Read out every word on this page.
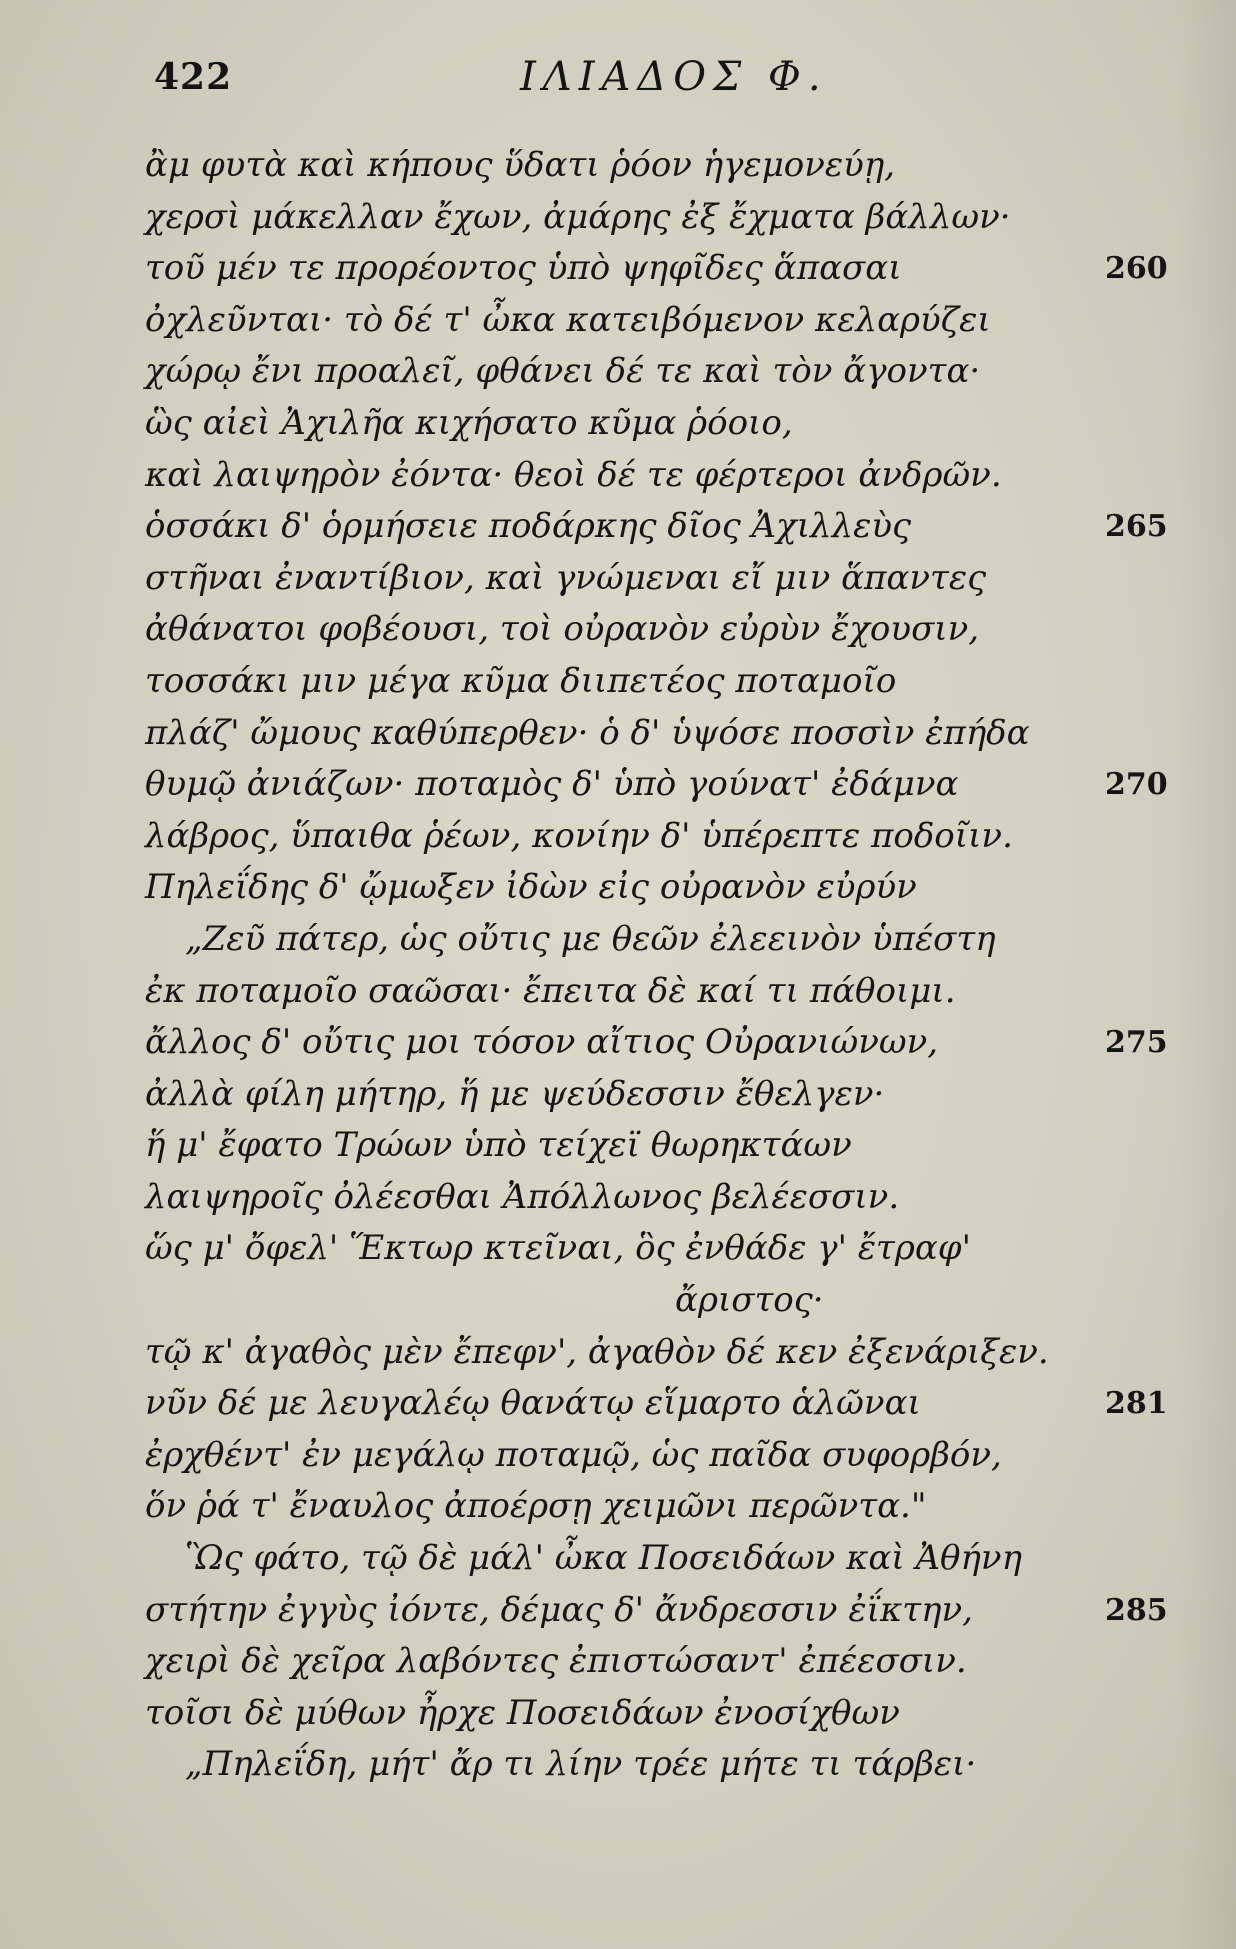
422	ΙΛΙΑΔΟΣ Φ.
ἂμ φυτὰ καὶ κήπους ὕδατι ῥόον ἡγεμονεύῃ,
χερσὶ μάκελλαν ἔχων, ἀμάρης ἐξ ἔχματα βάλλων·
τοῦ μέν τε προρέοντος ὑπὸ ψηφῖδες ἅπασαι	260
ὀχλεῦνται· τὸ δέ τ' ὦκα κατειβόμενον κελαρύζει
χώρῳ ἔνι προαλεῖ, φθάνει δέ τε καὶ τὸν ἄγοντα·
ὣς αἰεὶ Ἀχιλῆα κιχήσατο κῦμα ῥόοιο,
καὶ λαιψηρὸν ἐόντα· θεοὶ δέ τε φέρτεροι ἀνδρῶν.
ὁσσάκι δ' ὁρμήσειε ποδάρκης δῖος Ἀχιλλεὺς	265
στῆναι ἐναντίβιον, καὶ γνώμεναι εἴ μιν ἅπαντες
ἀθάνατοι φοβέουσι, τοὶ οὐρανὸν εὐρὺν ἔχουσιν,
τοσσάκι μιν μέγα κῦμα διιπετέος ποταμοῖο
πλάζ' ὤμους καθύπερθεν· ὁ δ' ὑψόσε ποσσὶν ἐπήδα
θυμῷ ἀνιάζων· ποταμὸς δ' ὑπὸ γούνατ' ἐδάμνα	270
λάβρος, ὕπαιθα ῥέων, κονίην δ' ὑπέρεπτε ποδοῖιν.
Πηλεΐδης δ' ᾤμωξεν ἰδὼν εἰς οὐρανὸν εὐρύν
„Ζεῦ πάτερ, ὡς οὔτις με θεῶν ἐλεεινὸν ὑπέστη
ἐκ ποταμοῖο σαῶσαι· ἔπειτα δὲ καί τι πάθοιμι.
ἄλλος δ' οὔτις μοι τόσον αἴτιος Οὐρανιώνων,	275
ἀλλὰ φίλη μήτηρ, ἥ με ψεύδεσσιν ἔθελγεν·
ἥ μ' ἔφατο Τρώων ὑπὸ τείχεϊ θωρηκτάων
λαιψηροῖς ὀλέεσθαι Ἀπόλλωνος βελέεσσιν.
ὥς μ' ὄφελ' Ἕκτωρ κτεῖναι, ὃς ἐνθάδε γ' ἔτραφ'
ἄριστος·
τῷ κ' ἀγαθὸς μὲν ἔπεφν', ἀγαθὸν δέ κεν ἐξενάριξεν.
νῦν δέ με λευγαλέῳ θανάτῳ εἵμαρτο ἁλῶναι	281
ἐρχθέντ' ἐν μεγάλῳ ποταμῷ, ὡς παῖδα συφορβόν,
ὅν ῥά τ' ἔναυλος ἀποέρσῃ χειμῶνι περῶντα."
Ὣς φάτο, τῷ δὲ μάλ' ὦκα Ποσειδάων καὶ Ἀθήνη
στήτην ἐγγὺς ἰόντε, δέμας δ' ἄνδρεσσιν ἐΐκτην,	285
χειρὶ δὲ χεῖρα λαβόντες ἐπιστώσαντ' ἐπέεσσιν.
τοῖσι δὲ μύθων ἦρχε Ποσειδάων ἐνοσίχθων
„Πηλεΐδη, μήτ' ἄρ τι λίην τρέε μήτε τι τάρβει·
